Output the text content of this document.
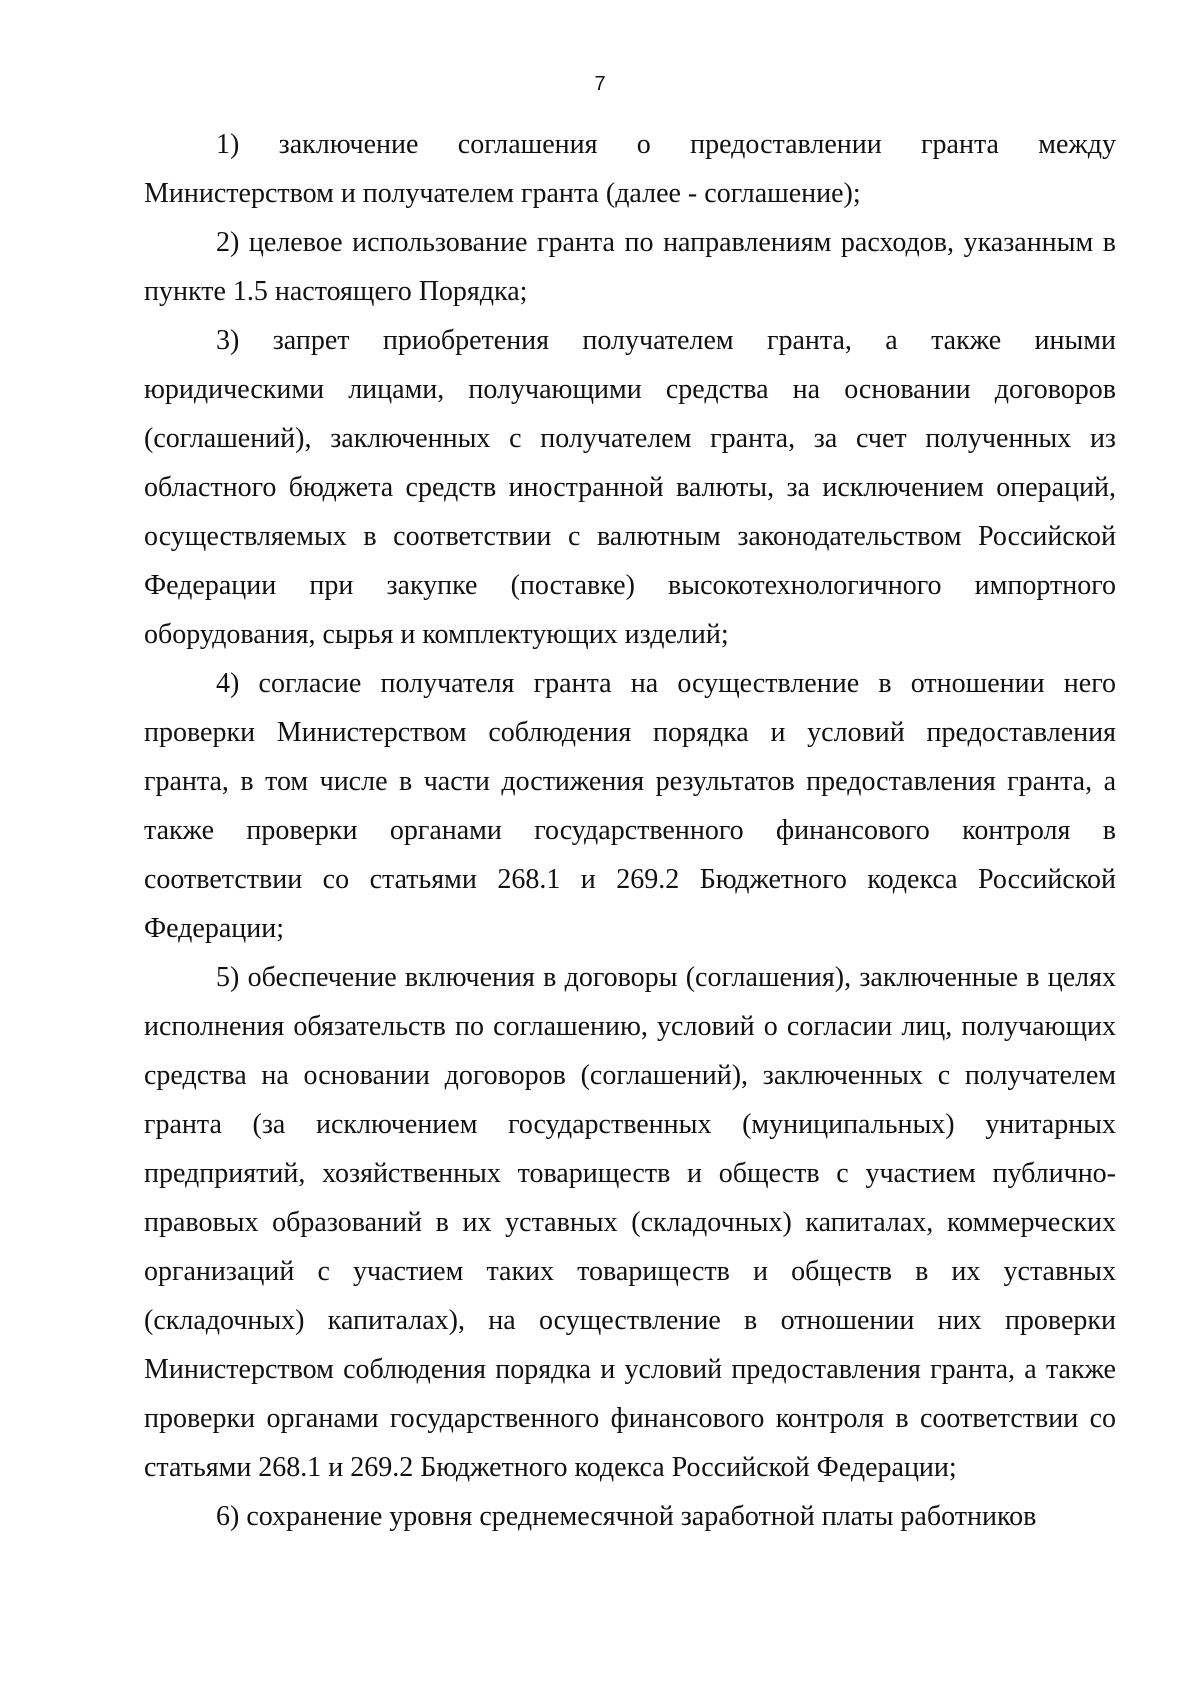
7

1) заключение соглашения о предоставлении гранта между Министерством и получателем гранта (далее - соглашение);

2) целевое использование гранта по направлениям расходов, указанным в пункте 1.5 настоящего Порядка;

3) запрет приобретения получателем гранта, а также иными юридическими лицами, получающими средства на основании договоров (соглашений), заключенных с получателем гранта, за счет полученных из областного бюджета средств иностранной валюты, за исключением операций, осуществляемых в соответствии с валютным законодательством Российской Федерации при закупке (поставке) высокотехнологичного импортного оборудования, сырья и комплектующих изделий;

4) согласие получателя гранта на осуществление в отношении него проверки Министерством соблюдения порядка и условий предоставления гранта, в том числе в части достижения результатов предоставления гранта, а также проверки органами государственного финансового контроля в соответствии со статьями 268.1 и 269.2 Бюджетного кодекса Российской Федерации;

5) обеспечение включения в договоры (соглашения), заключенные в целях исполнения обязательств по соглашению, условий о согласии лиц, получающих средства на основании договоров (соглашений), заключенных с получателем гранта (за исключением государственных (муниципальных) унитарных предприятий, хозяйственных товариществ и обществ с участием публично-правовых образований в их уставных (складочных) капиталах, коммерческих организаций с участием таких товариществ и обществ в их уставных (складочных) капиталах), на осуществление в отношении них проверки Министерством соблюдения порядка и условий предоставления гранта, а также проверки органами государственного финансового контроля в соответствии со статьями 268.1 и 269.2 Бюджетного кодекса Российской Федерации;

6) сохранение уровня среднемесячной заработной платы работников
